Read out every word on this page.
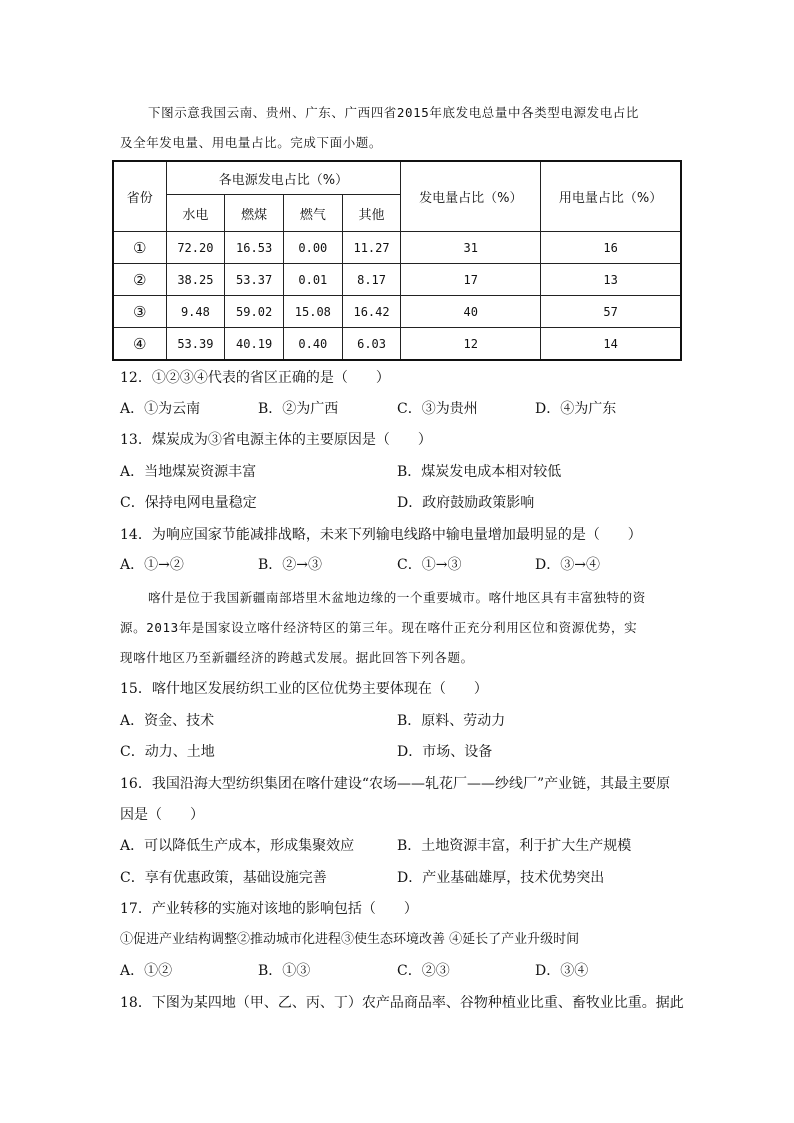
下图示意我国云南、贵州、广东、广西四省2015年底发电总量中各类型电源发电占比
及全年发电量、用电量占比。完成下面小题。
省份	各电源发电占比（%）				发电量占比（%）	用电量占比（%）
	水电	燃煤	燃气	其他		
①	72.20	16.53	0.00	11.27	31	16
②	38.25	53.37	0.01	8.17	17	13
③	9.48	59.02	15.08	16.42	40	57
④	53.39	40.19	0.40	6.03	12	14
12．①②③④代表的省区正确的是（　　）
A．①为云南	B．②为广西	C．③为贵州	D．④为广东
13．煤炭成为③省电源主体的主要原因是（　　）
A．当地煤炭资源丰富	B．煤炭发电成本相对较低
C．保持电网电量稳定	D．政府鼓励政策影响
14．为响应国家节能减排战略，未来下列输电线路中输电量增加最明显的是（　　）
A．①→②	B．②→③	C．①→③	D．③→④
喀什是位于我国新疆南部塔里木盆地边缘的一个重要城市。喀什地区具有丰富独特的资
源。2013年是国家设立喀什经济特区的第三年。现在喀什正充分利用区位和资源优势，实
现喀什地区乃至新疆经济的跨越式发展。据此回答下列各题。
15．喀什地区发展纺织工业的区位优势主要体现在（　　）
A．资金、技术	B．原料、劳动力
C．动力、土地	D．市场、设备
16．我国沿海大型纺织集团在喀什建设“农场——轧花厂——纱线厂”产业链，其最主要原
因是（　　）
A．可以降低生产成本，形成集聚效应	B．土地资源丰富，利于扩大生产规模
C．享有优惠政策，基础设施完善	D．产业基础雄厚，技术优势突出
17．产业转移的实施对该地的影响包括（　　）
①促进产业结构调整②推动城市化进程③使生态环境改善 ④延长了产业升级时间
A．①②	B．①③	C．②③	D．③④
18．下图为某四地（甲、乙、丙、丁）农产品商品率、谷物种植业比重、畜牧业比重。据此
